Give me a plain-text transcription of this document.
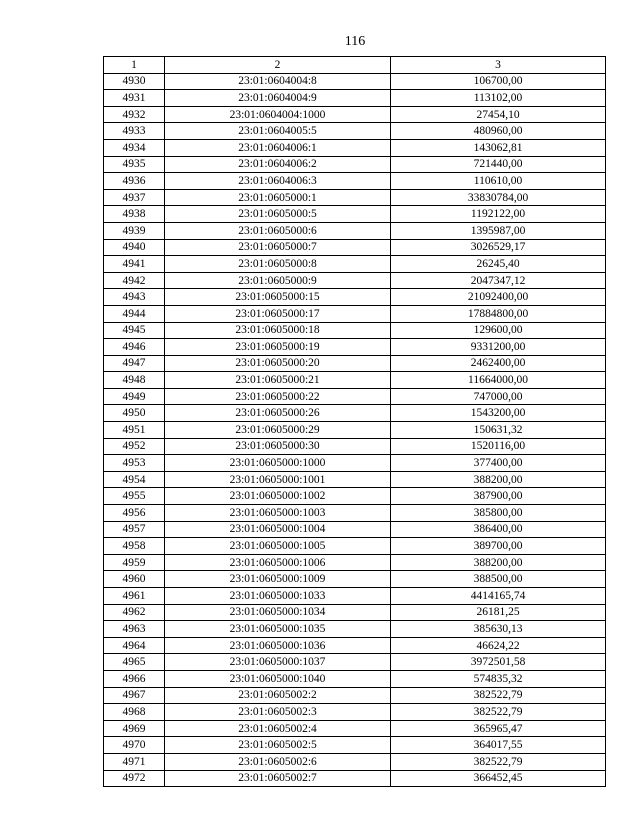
116
1	2	3
4930	23:01:0604004:8	106700,00
4931	23:01:0604004:9	113102,00
4932	23:01:0604004:1000	27454,10
4933	23:01:0604005:5	480960,00
4934	23:01:0604006:1	143062,81
4935	23:01:0604006:2	721440,00
4936	23:01:0604006:3	110610,00
4937	23:01:0605000:1	33830784,00
4938	23:01:0605000:5	1192122,00
4939	23:01:0605000:6	1395987,00
4940	23:01:0605000:7	3026529,17
4941	23:01:0605000:8	26245,40
4942	23:01:0605000:9	2047347,12
4943	23:01:0605000:15	21092400,00
4944	23:01:0605000:17	17884800,00
4945	23:01:0605000:18	129600,00
4946	23:01:0605000:19	9331200,00
4947	23:01:0605000:20	2462400,00
4948	23:01:0605000:21	11664000,00
4949	23:01:0605000:22	747000,00
4950	23:01:0605000:26	1543200,00
4951	23:01:0605000:29	150631,32
4952	23:01:0605000:30	1520116,00
4953	23:01:0605000:1000	377400,00
4954	23:01:0605000:1001	388200,00
4955	23:01:0605000:1002	387900,00
4956	23:01:0605000:1003	385800,00
4957	23:01:0605000:1004	386400,00
4958	23:01:0605000:1005	389700,00
4959	23:01:0605000:1006	388200,00
4960	23:01:0605000:1009	388500,00
4961	23:01:0605000:1033	4414165,74
4962	23:01:0605000:1034	26181,25
4963	23:01:0605000:1035	385630,13
4964	23:01:0605000:1036	46624,22
4965	23:01:0605000:1037	3972501,58
4966	23:01:0605000:1040	574835,32
4967	23:01:0605002:2	382522,79
4968	23:01:0605002:3	382522,79
4969	23:01:0605002:4	365965,47
4970	23:01:0605002:5	364017,55
4971	23:01:0605002:6	382522,79
4972	23:01:0605002:7	366452,45
